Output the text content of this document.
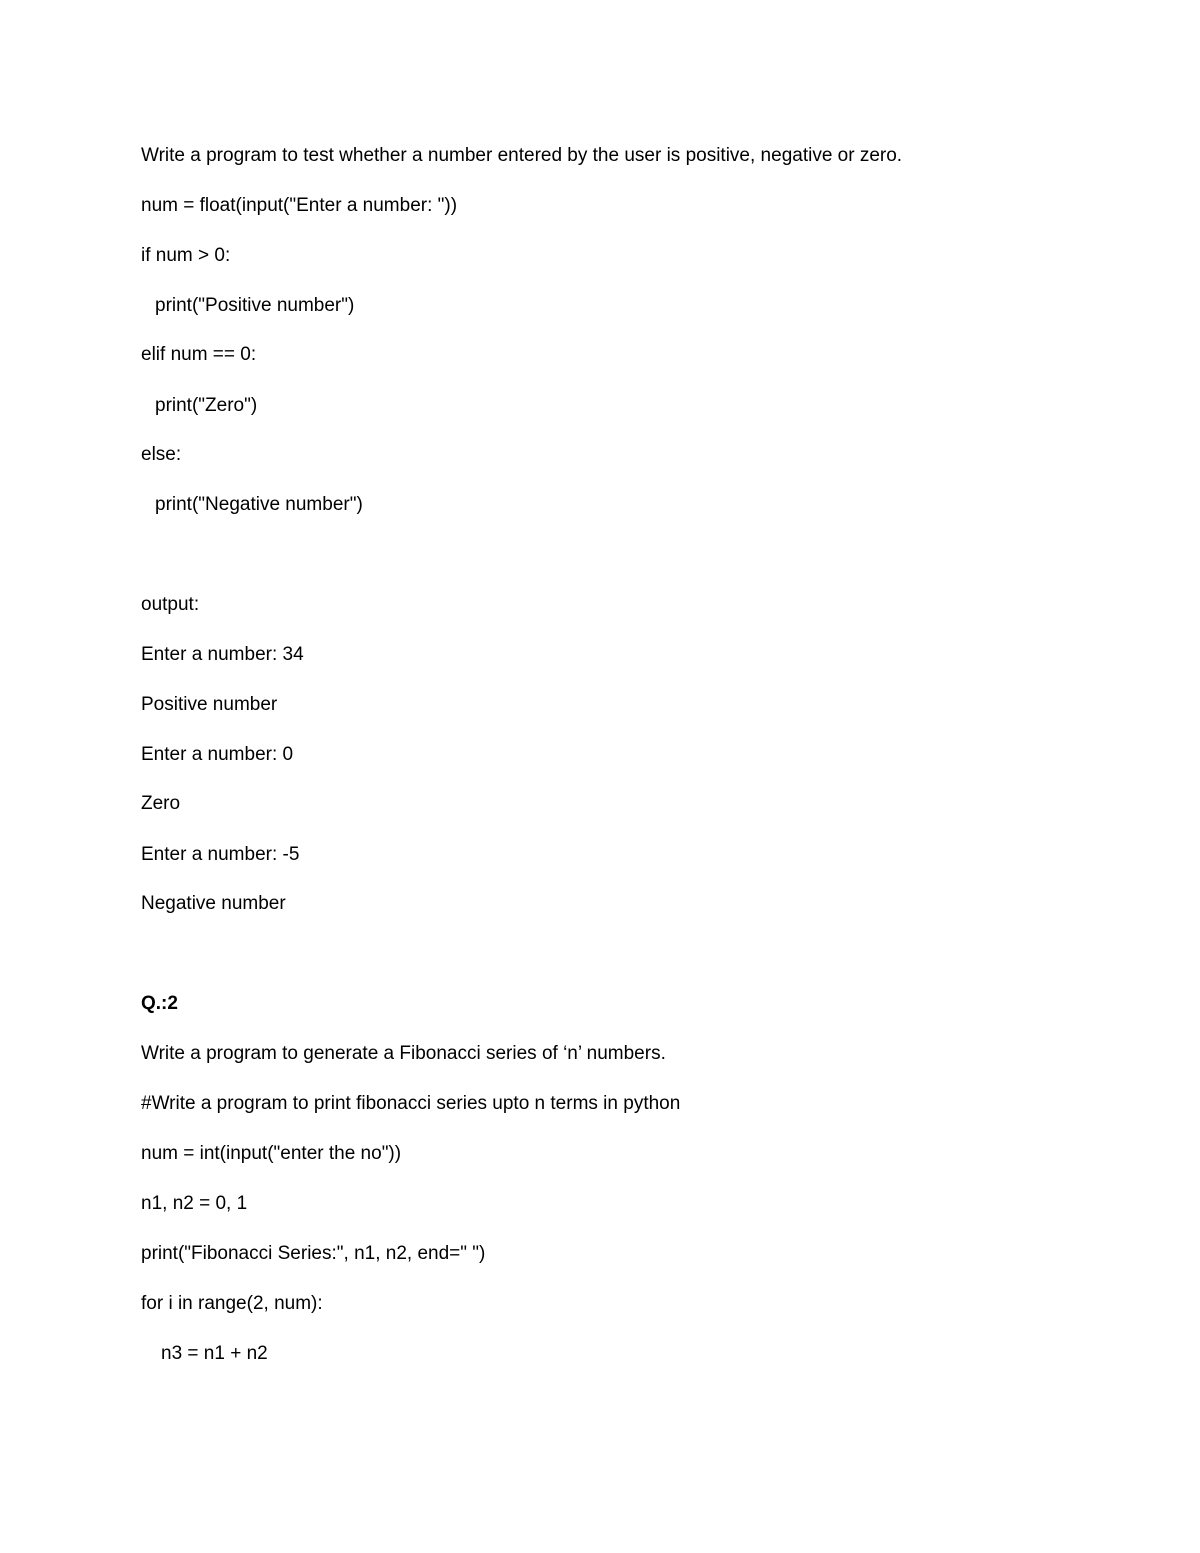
Write a program to test whether a number entered by the user is positive, negative or zero.
num = float(input("Enter a number: "))
if num > 0:
print("Positive number")
elif num == 0:
print("Zero")
else:
print("Negative number")
output:
Enter a number: 34
Positive number
Enter a number: 0
Zero
Enter a number: -5
Negative number
Q.:2
Write a program to generate a Fibonacci series of ‘n’ numbers.
#Write a program to print fibonacci series upto n terms in python
num = int(input("enter the no"))
n1, n2 = 0, 1
print("Fibonacci Series:", n1, n2, end=" ")
for i in range(2, num):
n3 = n1 + n2
